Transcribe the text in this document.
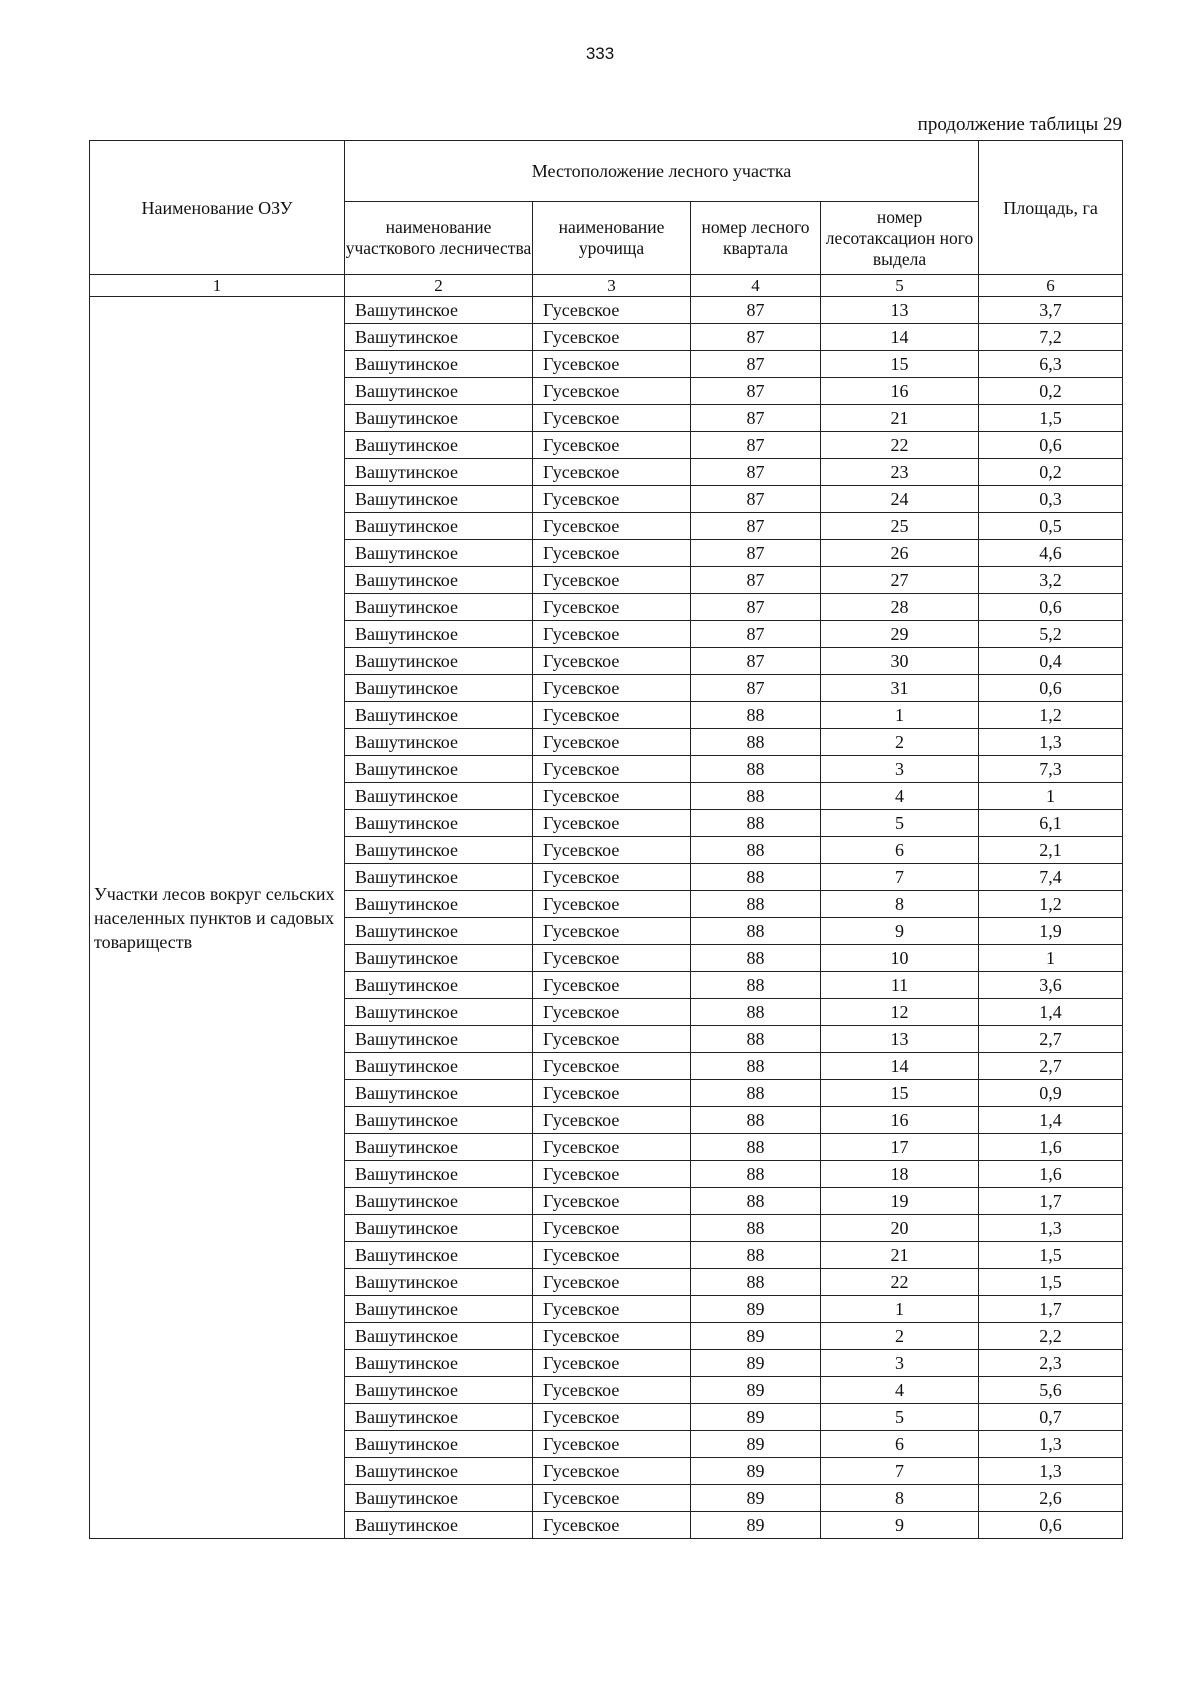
333
продолжение таблицы 29
Наименование ОЗУ	Местоположение лесного участка				Площадь, га
	наименование участкового лесничества	наименование урочища	номер лесного квартала	номер лесотаксацион ного выдела	
1	2	3	4	5	6
Участки лесов вокруг сельских населенных пунктов и садовых товариществ	Вашутинское	Гусевское	87	13	3,7
	Вашутинское	Гусевское	87	14	7,2
	Вашутинское	Гусевское	87	15	6,3
	Вашутинское	Гусевское	87	16	0,2
	Вашутинское	Гусевское	87	21	1,5
	Вашутинское	Гусевское	87	22	0,6
	Вашутинское	Гусевское	87	23	0,2
	Вашутинское	Гусевское	87	24	0,3
	Вашутинское	Гусевское	87	25	0,5
	Вашутинское	Гусевское	87	26	4,6
	Вашутинское	Гусевское	87	27	3,2
	Вашутинское	Гусевское	87	28	0,6
	Вашутинское	Гусевское	87	29	5,2
	Вашутинское	Гусевское	87	30	0,4
	Вашутинское	Гусевское	87	31	0,6
	Вашутинское	Гусевское	88	1	1,2
	Вашутинское	Гусевское	88	2	1,3
	Вашутинское	Гусевское	88	3	7,3
	Вашутинское	Гусевское	88	4	1
	Вашутинское	Гусевское	88	5	6,1
	Вашутинское	Гусевское	88	6	2,1
	Вашутинское	Гусевское	88	7	7,4
	Вашутинское	Гусевское	88	8	1,2
	Вашутинское	Гусевское	88	9	1,9
	Вашутинское	Гусевское	88	10	1
	Вашутинское	Гусевское	88	11	3,6
	Вашутинское	Гусевское	88	12	1,4
	Вашутинское	Гусевское	88	13	2,7
	Вашутинское	Гусевское	88	14	2,7
	Вашутинское	Гусевское	88	15	0,9
	Вашутинское	Гусевское	88	16	1,4
	Вашутинское	Гусевское	88	17	1,6
	Вашутинское	Гусевское	88	18	1,6
	Вашутинское	Гусевское	88	19	1,7
	Вашутинское	Гусевское	88	20	1,3
	Вашутинское	Гусевское	88	21	1,5
	Вашутинское	Гусевское	88	22	1,5
	Вашутинское	Гусевское	89	1	1,7
	Вашутинское	Гусевское	89	2	2,2
	Вашутинское	Гусевское	89	3	2,3
	Вашутинское	Гусевское	89	4	5,6
	Вашутинское	Гусевское	89	5	0,7
	Вашутинское	Гусевское	89	6	1,3
	Вашутинское	Гусевское	89	7	1,3
	Вашутинское	Гусевское	89	8	2,6
	Вашутинское	Гусевское	89	9	0,6
